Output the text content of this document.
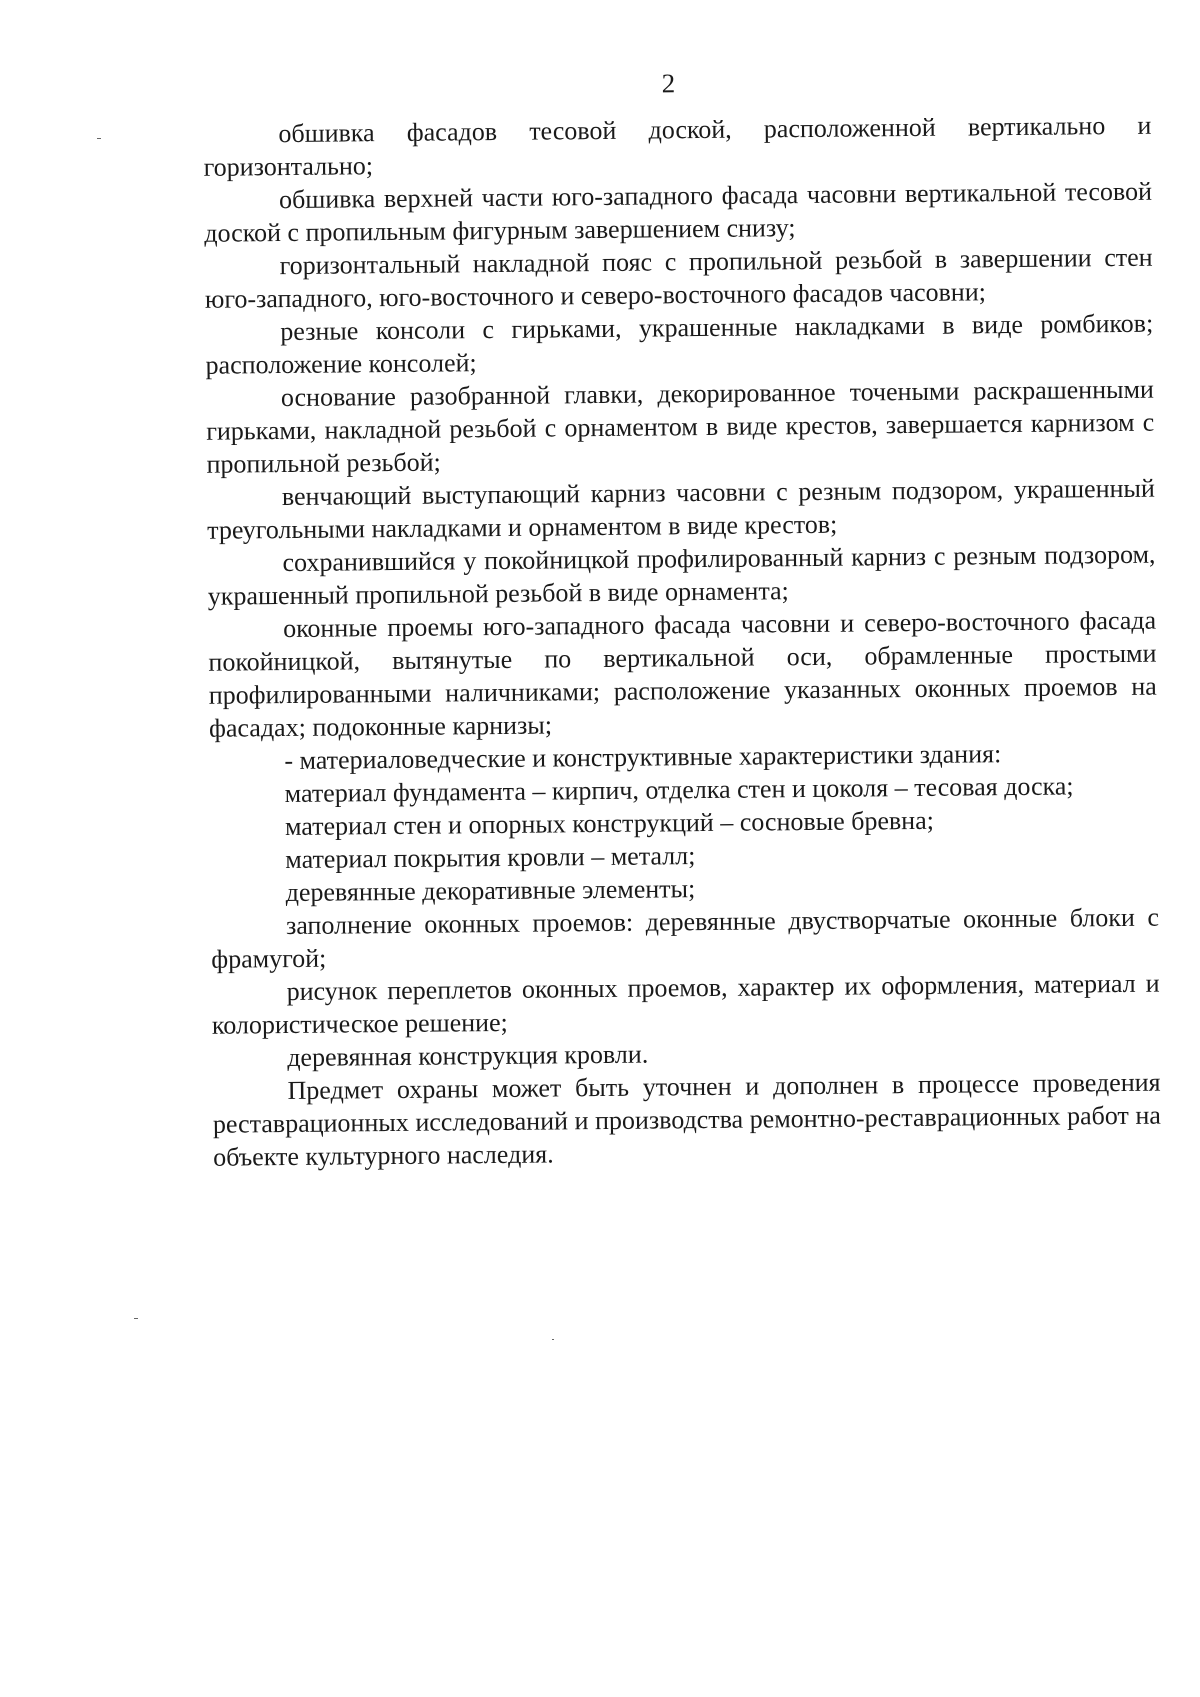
2

обшивка фасадов тесовой доской, расположенной вертикально и горизонтально;

обшивка верхней части юго-западного фасада часовни вертикальной тесовой доской с пропильным фигурным завершением снизу;

горизонтальный накладной пояс с пропильной резьбой в завершении стен юго-западного, юго-восточного и северо-восточного фасадов часовни;

резные консоли с гирьками, украшенные накладками в виде ромбиков; расположение консолей;

основание разобранной главки, декорированное точеными раскрашенными гирьками, накладной резьбой с орнаментом в виде крестов, завершается карнизом с пропильной резьбой;

венчающий выступающий карниз часовни с резным подзором, украшенный треугольными накладками и орнаментом в виде крестов;

сохранившийся у покойницкой профилированный карниз с резным подзором, украшенный пропильной резьбой в виде орнамента;

оконные проемы юго-западного фасада часовни и северо-восточного фасада покойницкой, вытянутые по вертикальной оси, обрамленные простыми профилированными наличниками; расположение указанных оконных проемов на фасадах; подоконные карнизы;

- материаловедческие и конструктивные характеристики здания:

материал фундамента – кирпич, отделка стен и цоколя – тесовая доска;

материал стен и опорных конструкций – сосновые бревна;

материал покрытия кровли – металл;

деревянные декоративные элементы;

заполнение оконных проемов: деревянные двустворчатые оконные блоки с фрамугой;

рисунок переплетов оконных проемов, характер их оформления, материал и колористическое решение;

деревянная конструкция кровли.

Предмет охраны может быть уточнен и дополнен в процессе проведения реставрационных исследований и производства ремонтно-реставрационных работ на объекте культурного наследия.
